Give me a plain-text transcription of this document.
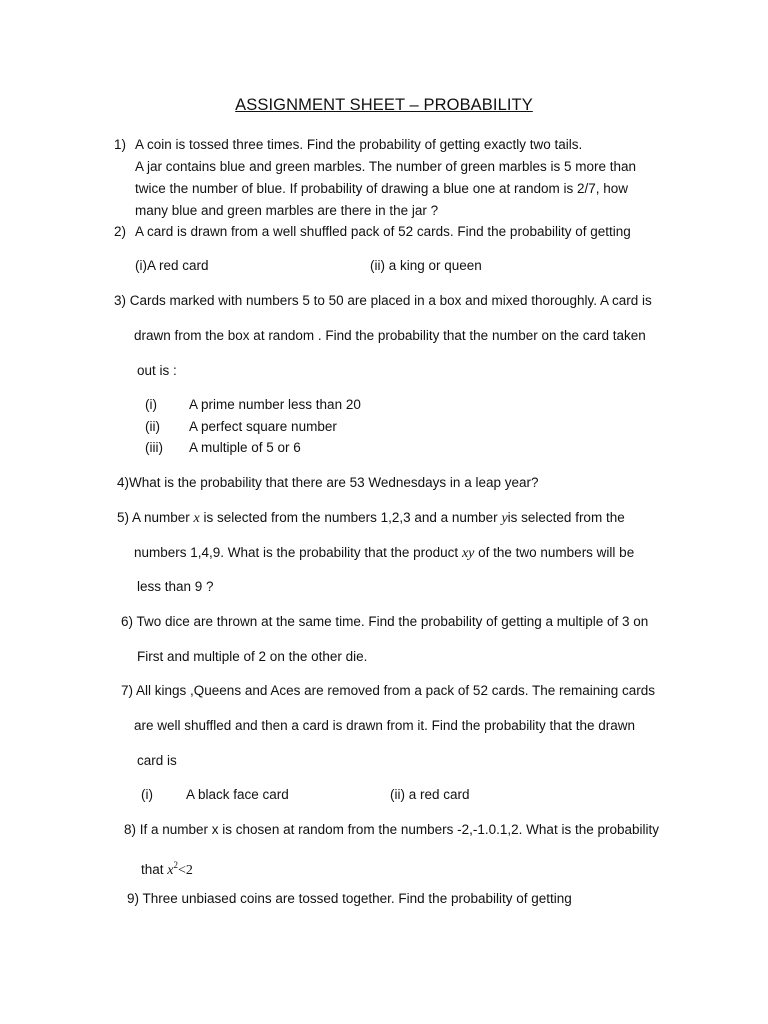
ASSIGNMENT SHEET – PROBABILITY
1) A coin is tossed three times. Find the probability of getting exactly two tails.
A jar contains blue and green marbles. The number of green marbles is 5 more than
twice the number of blue. If probability of drawing a blue one at random is 2/7, how
many blue and green marbles are there in the jar ?
2) A card is drawn from a well shuffled pack of 52 cards. Find the probability of getting
(i)A red card	(ii) a king or queen
3) Cards marked with numbers 5 to 50 are placed in a box and mixed thoroughly. A card is
drawn from the box at random . Find the probability that the number on the card taken
out is :
(i) A prime number less than 20
(ii) A perfect square number
(iii) A multiple of 5 or 6
4)What is the probability that there are 53 Wednesdays in a leap year?
5) A number x is selected from the numbers 1,2,3 and a number yis selected from the
numbers 1,4,9. What is the probability that the product xy of the two numbers will be
less than 9 ?
6) Two dice are thrown at the same time. Find the probability of getting a multiple of 3 on
First and multiple of 2 on the other die.
7) All kings ,Queens and Aces are removed from a pack of 52 cards. The remaining cards
are well shuffled and then a card is drawn from it. Find the probability that the drawn
card is
(i) A black face card	(ii) a red card
8) If a number x is chosen at random from the numbers -2,-1.0.1,2. What is the probability
that $x^2<2$
9) Three unbiased coins are tossed together. Find the probability of getting
